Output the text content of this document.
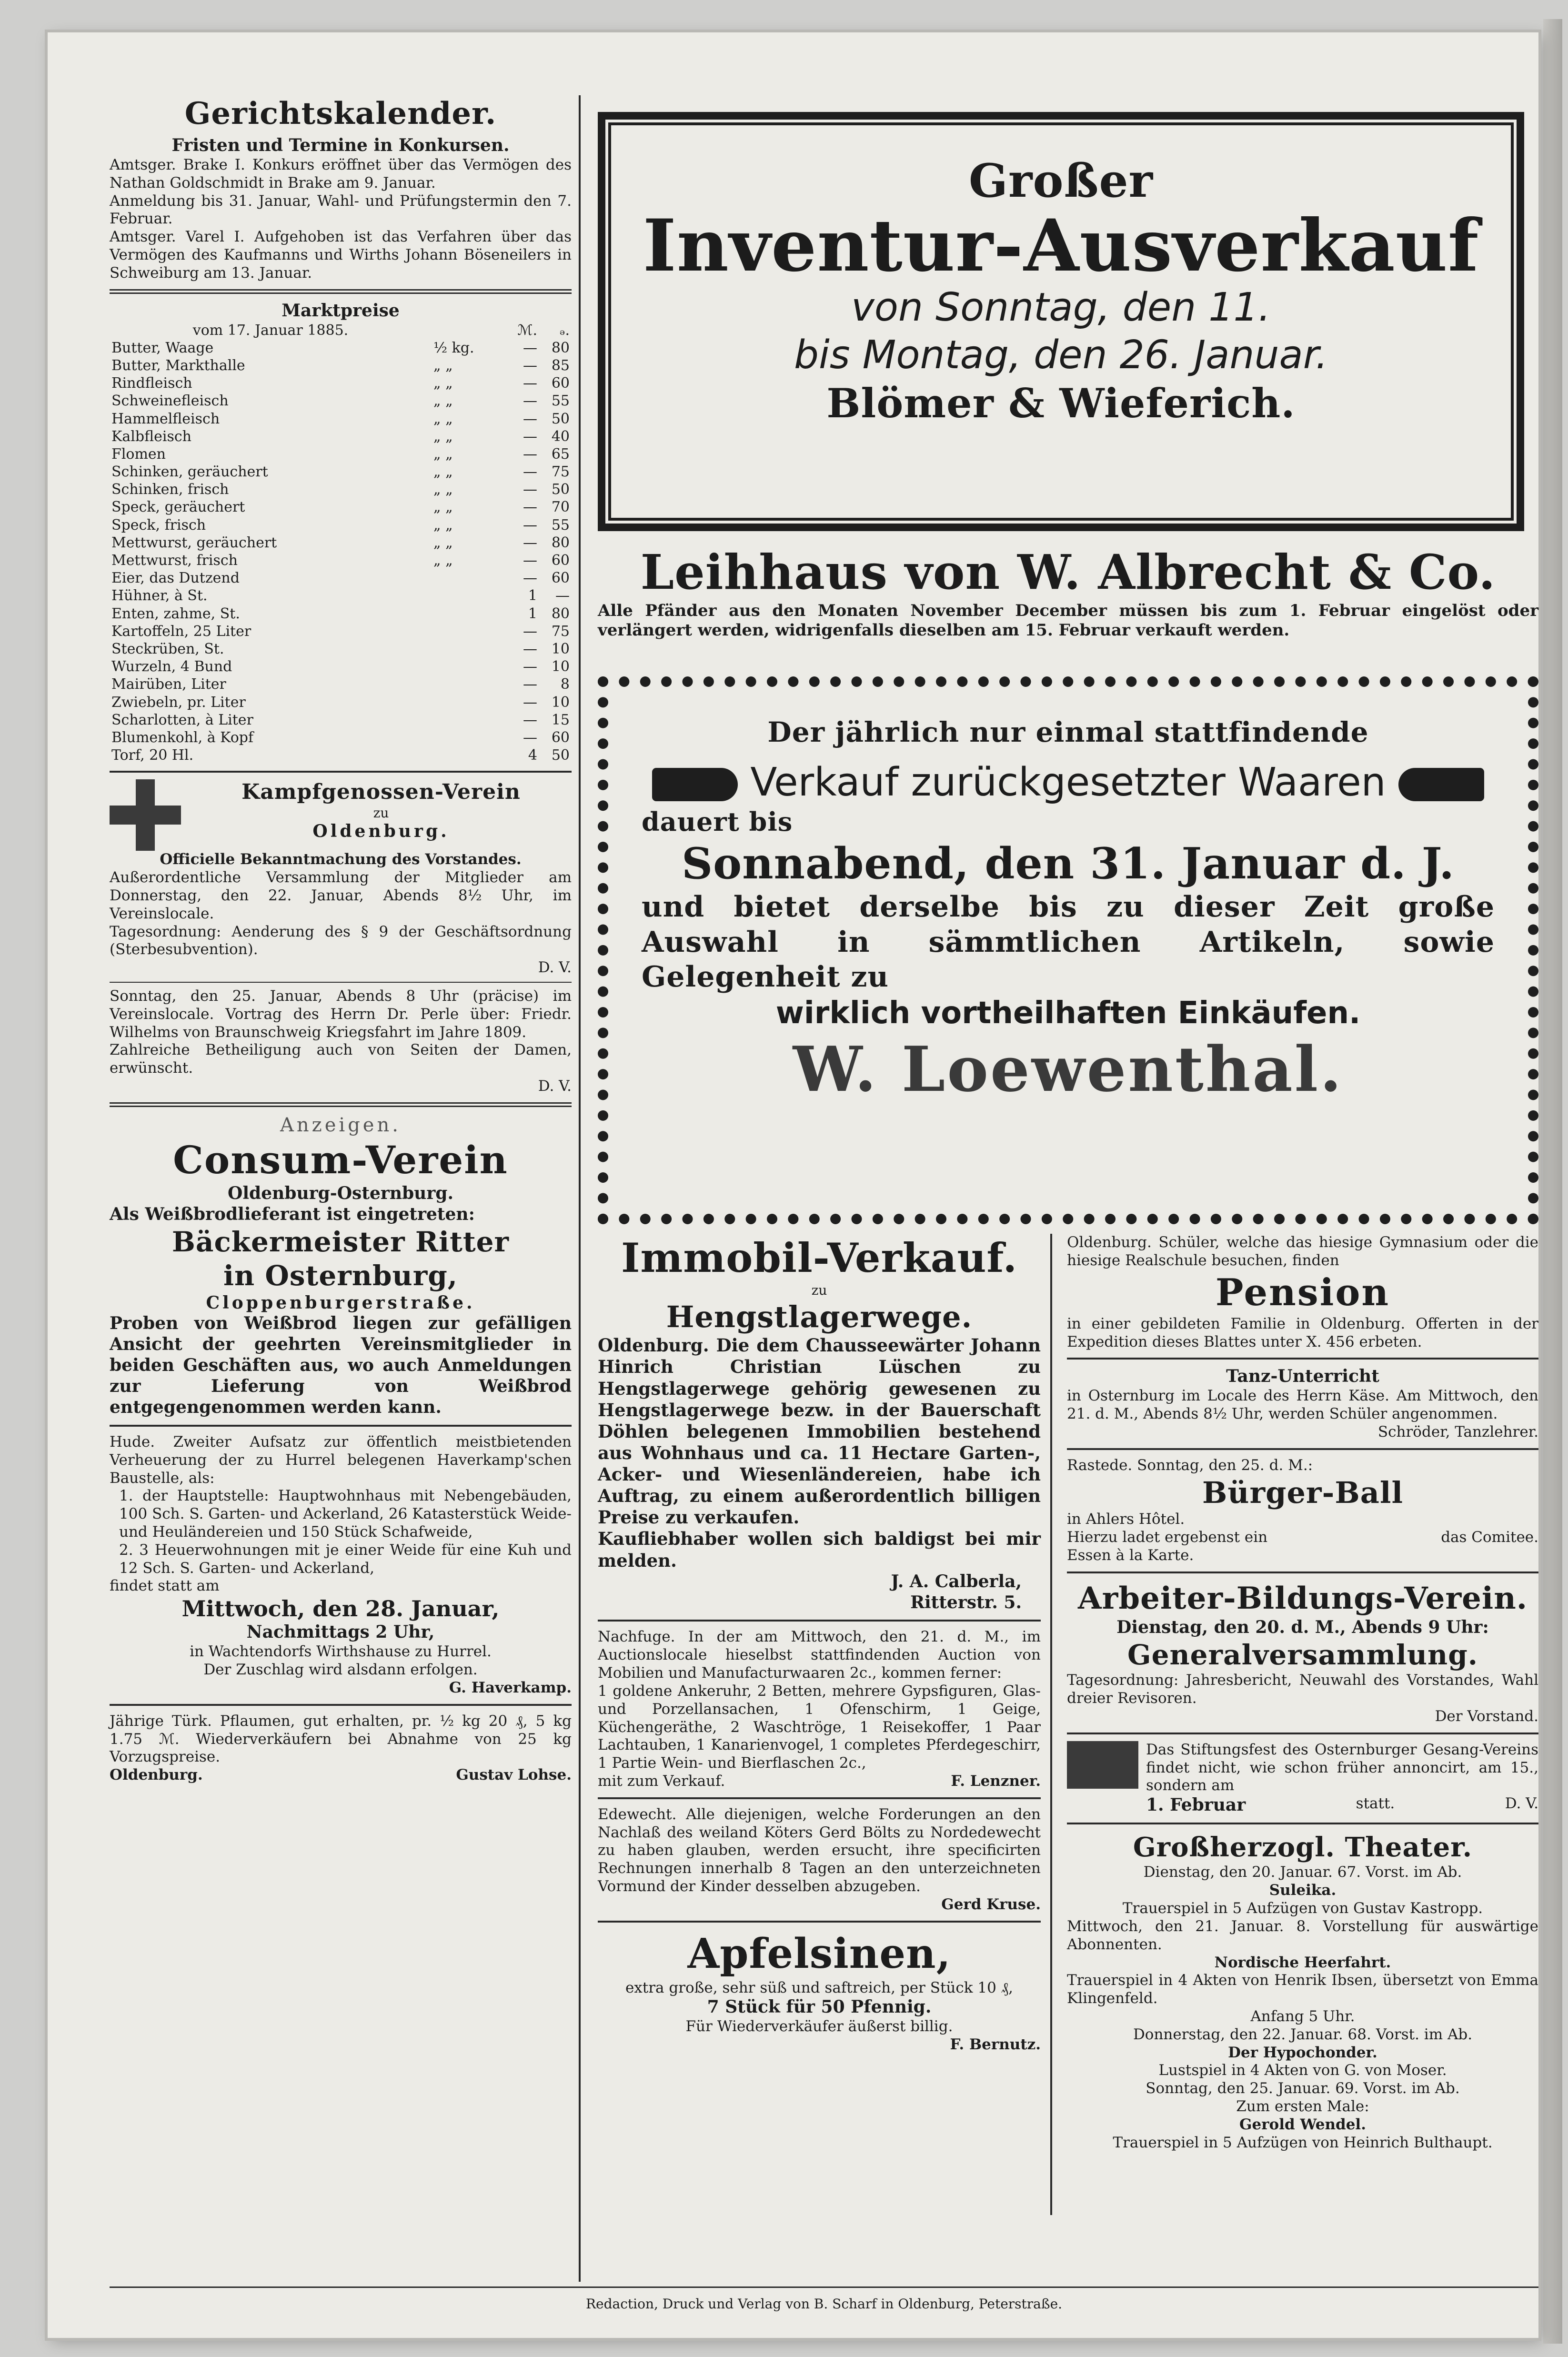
Gerichtskalender.
Fristen und Termine in Konkursen.
Amtsger. Brake I. Konkurs eröffnet über das Vermögen des Nathan Goldschmidt in Brake am 9. Januar.
Anmeldung bis 31. Januar, Wahl- und Prüfungstermin den 7. Februar.
Amtsger. Varel I. Aufgehoben ist das Verfahren über das Vermögen des Kaufmanns und Wirths Johann Böseneilers in Schweiburg am 13. Januar.
Marktpreise
vom 17. Januar 1885.		ℳ.	ₔ.
Butter, Waage	½ kg.	—	80
Butter, Markthalle	„ „	—	85
Rindfleisch	„ „	—	60
Schweinefleisch	„ „	—	55
Hammelfleisch	„ „	—	50
Kalbfleisch	„ „	—	40
Flomen	„ „	—	65
Schinken, geräuchert	„ „	—	75
Schinken, frisch	„ „	—	50
Speck, geräuchert	„ „	—	70
Speck, frisch	„ „	—	55
Mettwurst, geräuchert	„ „	—	80
Mettwurst, frisch	„ „	—	60
Eier, das Dutzend		—	60
Hühner, à St.		1	—
Enten, zahme, St.		1	80
Kartoffeln, 25 Liter		—	75
Steckrüben, St.		—	10
Wurzeln, 4 Bund		—	10
Mairüben, Liter		—	8
Zwiebeln, pr. Liter		—	10
Scharlotten, à Liter		—	15
Blumenkohl, à Kopf		—	60
Torf, 20 Hl.		4	50
Kampfgenossen-Verein
zu
Oldenburg.
Officielle Bekanntmachung des Vorstandes.
Außerordentliche Versammlung der Mitglieder am Donnerstag, den 22. Januar, Abends 8½ Uhr, im Vereinslocale.
Tagesordnung: Aenderung des § 9 der Geschäftsordnung (Sterbesubvention).
D. V.
Sonntag, den 25. Januar, Abends 8 Uhr (präcise) im Vereinslocale. Vortrag des Herrn Dr. Perle über: Friedr. Wilhelms von Braunschweig Kriegsfahrt im Jahre 1809.
Zahlreiche Betheiligung auch von Seiten der Damen, erwünscht.
D. V.
Anzeigen.
Consum-Verein
Oldenburg-Osternburg.
Als Weißbrodlieferant ist eingetreten:
Bäckermeister Ritter
in Osternburg,
Cloppenburgerstraße.
Proben von Weißbrod liegen zur gefälligen Ansicht der geehrten Vereinsmitglieder in beiden Geschäften aus, wo auch Anmeldungen zur Lieferung von Weißbrod entgegengenommen werden kann.
Hude. Zweiter Aufsatz zur öffentlich meistbietenden Verheuerung der zu Hurrel belegenen Haverkamp'schen Baustelle, als:
1. der Hauptstelle: Hauptwohnhaus mit Nebengebäuden, 100 Sch. S. Garten- und Ackerland, 26 Katasterstück Weide- und Heuländereien und 150 Stück Schafweide,
2. 3 Heuerwohnungen mit je einer Weide für eine Kuh und 12 Sch. S. Garten- und Ackerland,
findet statt am
Mittwoch, den 28. Januar,
Nachmittags 2 Uhr,
in Wachtendorfs Wirthshause zu Hurrel.
Der Zuschlag wird alsdann erfolgen.
G. Haverkamp.
Jährige Türk. Pflaumen, gut erhalten, pr. ½ kg 20 ₰, 5 kg 1.75 ℳ. Wiederverkäufern bei Abnahme von 25 kg Vorzugspreise.
Oldenburg.	Gustav Lohse.
Großer
Inventur-Ausverkauf
von Sonntag, den 11.
bis Montag, den 26. Januar.
Blömer & Wieferich.
Leihhaus von W. Albrecht & Co.
Alle Pfänder aus den Monaten November December müssen bis zum 1. Februar eingelöst oder verlängert werden, widrigenfalls dieselben am 15. Februar verkauft werden.
Der jährlich nur einmal stattfindende
Verkauf zurückgesetzter Waaren
dauert bis
Sonnabend, den 31. Januar d. J.
und bietet derselbe bis zu dieser Zeit große Auswahl in sämmtlichen Artikeln, sowie Gelegenheit zu
wirklich vortheilhaften Einkäufen.
W. Loewenthal.
Immobil-Verkauf.
zu
Hengstlagerwege.
Oldenburg. Die dem Chausseewärter Johann Hinrich Christian Lüschen zu Hengstlagerwege gehörig gewesenen zu Hengstlagerwege bezw. in der Bauerschaft Döhlen belegenen Immobilien bestehend aus Wohnhaus und ca. 11 Hectare Garten-, Acker- und Wiesenländereien, habe ich Auftrag, zu einem außerordentlich billigen Preise zu verkaufen.
Kaufliebhaber wollen sich baldigst bei mir melden.
J. A. Calberla,
Ritterstr. 5.
Nachfuge. In der am Mittwoch, den 21. d. M., im Auctionslocale hieselbst stattfindenden Auction von Mobilien und Manufacturwaaren 2c., kommen ferner:
1 goldene Ankeruhr, 2 Betten, mehrere Gypsfiguren, Glas- und Porzellansachen, 1 Ofenschirm, 1 Geige, Küchengeräthe, 2 Waschtröge, 1 Reisekoffer, 1 Paar Lachtauben, 1 Kanarienvogel, 1 completes Pferdegeschirr, 1 Partie Wein- und Bierflaschen 2c.,
mit zum Verkauf.	F. Lenzner.
Edewecht. Alle diejenigen, welche Forderungen an den Nachlaß des weiland Köters Gerd Bölts zu Nordedewecht zu haben glauben, werden ersucht, ihre specificirten Rechnungen innerhalb 8 Tagen an den unterzeichneten Vormund der Kinder desselben abzugeben.
Gerd Kruse.
Apfelsinen,
extra große, sehr süß und saftreich, per Stück 10 ₰,
7 Stück für 50 Pfennig.
Für Wiederverkäufer äußerst billig.
F. Bernutz.
Oldenburg. Schüler, welche das hiesige Gymnasium oder die hiesige Realschule besuchen, finden
Pension
in einer gebildeten Familie in Oldenburg. Offerten in der Expedition dieses Blattes unter X. 456 erbeten.
Tanz-Unterricht
in Osternburg im Locale des Herrn Käse. Am Mittwoch, den 21. d. M., Abends 8½ Uhr, werden Schüler angenommen.
Schröder, Tanzlehrer.
Rastede. Sonntag, den 25. d. M.:
Bürger-Ball
in Ahlers Hôtel.
Hierzu ladet ergebenst ein	das Comitee.
Essen à la Karte.
Arbeiter-Bildungs-Verein.
Dienstag, den 20. d. M., Abends 9 Uhr:
Generalversammlung.
Tagesordnung: Jahresbericht, Neuwahl des Vorstandes, Wahl dreier Revisoren.
Der Vorstand.
Das Stiftungsfest des Osternburger Gesang-Vereins findet nicht, wie schon früher annoncirt, am 15., sondern am
1. Februar	statt.	D. V.
Großherzogl. Theater.
Dienstag, den 20. Januar. 67. Vorst. im Ab.
Suleika.
Trauerspiel in 5 Aufzügen von Gustav Kastropp.
Mittwoch, den 21. Januar. 8. Vorstellung für auswärtige Abonnenten.
Nordische Heerfahrt.
Trauerspiel in 4 Akten von Henrik Ibsen, übersetzt von Emma Klingenfeld.
Anfang 5 Uhr.
Donnerstag, den 22. Januar. 68. Vorst. im Ab.
Der Hypochonder.
Lustspiel in 4 Akten von G. von Moser.
Sonntag, den 25. Januar. 69. Vorst. im Ab.
Zum ersten Male:
Gerold Wendel.
Trauerspiel in 5 Aufzügen von Heinrich Bulthaupt.
Redaction, Druck und Verlag von B. Scharf in Oldenburg, Peterstraße.
